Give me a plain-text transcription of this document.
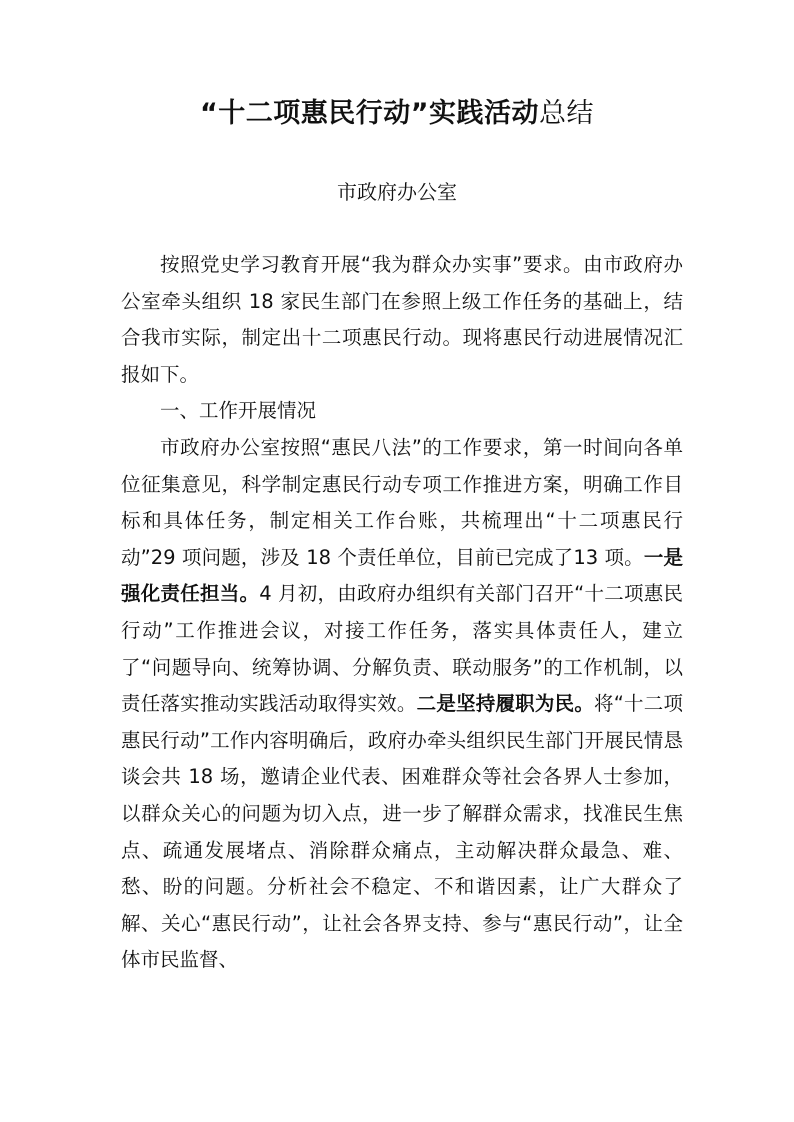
“十二项惠民行动”实践活动总结
市政府办公室

按照党史学习教育开展“我为群众办实事”要求。由市政府办公室牵头组织 18 家民生部门在参照上级工作任务的基础上，结合我市实际，制定出十二项惠民行动。现将惠民行动进展情况汇报如下。

一、工作开展情况

市政府办公室按照“惠民八法”的工作要求，第一时间向各单位征集意见，科学制定惠民行动专项工作推进方案，明确工作目标和具体任务，制定相关工作台账，共梳理出“十二项惠民行动”29 项问题，涉及 18 个责任单位，目前已完成了13 项。一是强化责任担当。4 月初，由政府办组织有关部门召开“十二项惠民行动”工作推进会议，对接工作任务，落实具体责任人，建立了“问题导向、统筹协调、分解负责、联动服务”的工作机制，以责任落实推动实践活动取得实效。二是坚持履职为民。将“十二项惠民行动”工作内容明确后，政府办牵头组织民生部门开展民情恳谈会共 18 场，邀请企业代表、困难群众等社会各界人士参加，以群众关心的问题为切入点，进一步了解群众需求，找准民生焦点、疏通发展堵点、消除群众痛点，主动解决群众最急、难、愁、盼的问题。分析社会不稳定、不和谐因素，让广大群众了解、关心“惠民行动”，让社会各界支持、参与“惠民行动”，让全体市民监督、
